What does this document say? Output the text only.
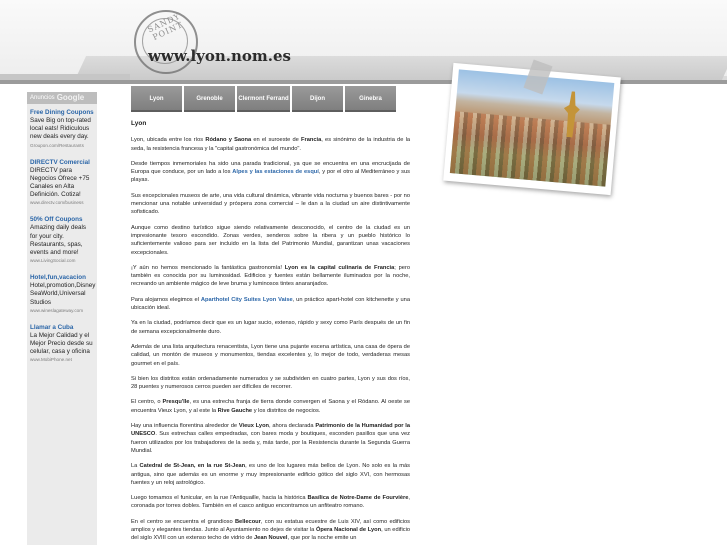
SANDY POINT
www.lyon.nom.es
Anuncios Google
Free Dining Coupons
Save Big on top-rated local eats! Ridiculous new deals every day.
Groupon.com/Restaurants
DIRECTV Comercial
DIRECTV para Negocios Ofrece +75 Canales en Alta Definición. Cotiza!
www.directv.com/business
50% Off Coupons
Amazing daily deals for your city. Restaurants, spas, events and more!
www.LivingSocial.com
Hotel,fun,vacacion
Hotel,promotion,Disney SeaWorld,Universal Studios
www.wineslagateway.com
Llamar a Cuba
La Mejor Calidad y el Mejor Precio desde su celular, casa y oficina
www.MobiPhone.net
Lyon	Grenoble	Clermont Ferrand	Dijon	Ginebra
Lyon

Lyon, ubicada entre los ríos Ródano y Saona en el suroeste de Francia, es sinónimo de la industria de la seda, la resistencia francesa y la "capital gastronómica del mundo".

Desde tiempos inmemoriales ha sido una parada tradicional, ya que se encuentra en una encrucijada de Europa que conduce, por un lado a los Alpes y las estaciones de esquí, y por el otro al Mediterráneo y sus playas.

Sus excepcionales museos de arte, una vida cultural dinámica, vibrante vida nocturna y buenos bares - por no mencionar una notable universidad y próspera zona comercial – le dan a la ciudad un aire distintivamente sofisticado.

Aunque como destino turístico sigue siendo relativamente desconocido, el centro de la ciudad es un impresionante tesoro escondido. Zonas verdes, senderos sobre la ribera y un pueblo histórico lo suficientemente valioso para ser incluido en la lista del Patrimonio Mundial, garantizan unas vacaciones excepcionales.

¡Y aún no hemos mencionado la fantástica gastronomía! Lyon es la capital culinaria de Francia; pero también es conocida por su luminosidad. Edificios y fuentes están bellamente iluminados por la noche, recreando un ambiente mágico de leve bruma y luminosos tintes anaranjados.

Para alojarnos elegimos el Aparthotel City Suites Lyon Vaise, un práctico apart-hotel con kitchenette y una ubicación ideal.

Ya en la ciudad, podríamos decir que es un lugar sucio, extenso, rápido y sexy como París después de un fin de semana excepcionalmente duro.

Además de una lista arquitectura renacentista, Lyon tiene una pujante escena artística, una casa de ópera de calidad, un montón de museos y monumentos, tiendas excelentes y, lo mejor de todo, verdaderas mesas gourmet en el país.

Si bien los distritos están ordenadamente numerados y se subdividen en cuatro partes, Lyon y sus dos ríos, 28 puentes y numerosos cerros pueden ser difíciles de recorrer.

El centro, o Presqu'île, es una estrecha franja de tierra donde convergen el Saona y el Ródano. Al oeste se encuentra Vieux Lyon, y al este la Rive Gauche y los distritos de negocios.

Hay una influencia florentina alrededor de Vieux Lyon, ahora declarada Patrimonio de la Humanidad por la UNESCO. Sus estrechas calles empedradas, con bares moda y boutiques, esconden pasillos que una vez fueron utilizados por los trabajadores de la seda y, más tarde, por la Resistencia durante la Segunda Guerra Mundial.

La Catedral de St-Jean, en la rue St-Jean, es uno de los lugares más bellos de Lyon. No solo es la más antigua, sino que además es un enorme y muy impresionante edificio gótico del siglo XVI, con hermosas fuentes y un reloj astrológico.

Luego tomamos el funicular, en la rue l'Antiquaille, hacia la histórica Basílica de Notre-Dame de Fourvière, coronada por torres dobles. También en el casco antiguo encontramos un anfiteatro romano.

En el centro se encuentra el grandioso Bellecour, con su estatua ecuestre de Luis XIV, así como edificios amplios y elegantes tiendas. Junto al Ayuntamiento no dejes de visitar la Ópera Nacional de Lyon, un edificio del siglo XVIII con un extenso techo de vidrio de Jean Nouvel, que por la noche emite un
